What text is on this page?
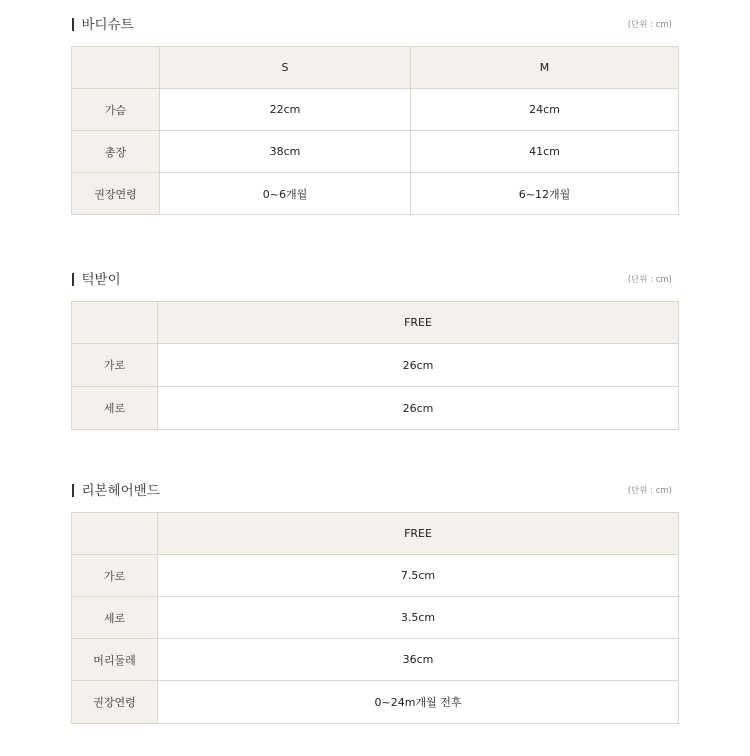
바디슈트	(단위 : cm)
	S	M
가슴	22cm	24cm
총장	38cm	41cm
권장연령	0~6개월	6~12개월
턱받이	(단위 : cm)
	FREE
가로	26cm
세로	26cm
리본헤어밴드	(단위 : cm)
	FREE
가로	7.5cm
세로	3.5cm
머리둘레	36cm
권장연령	0~24m개월 전후
